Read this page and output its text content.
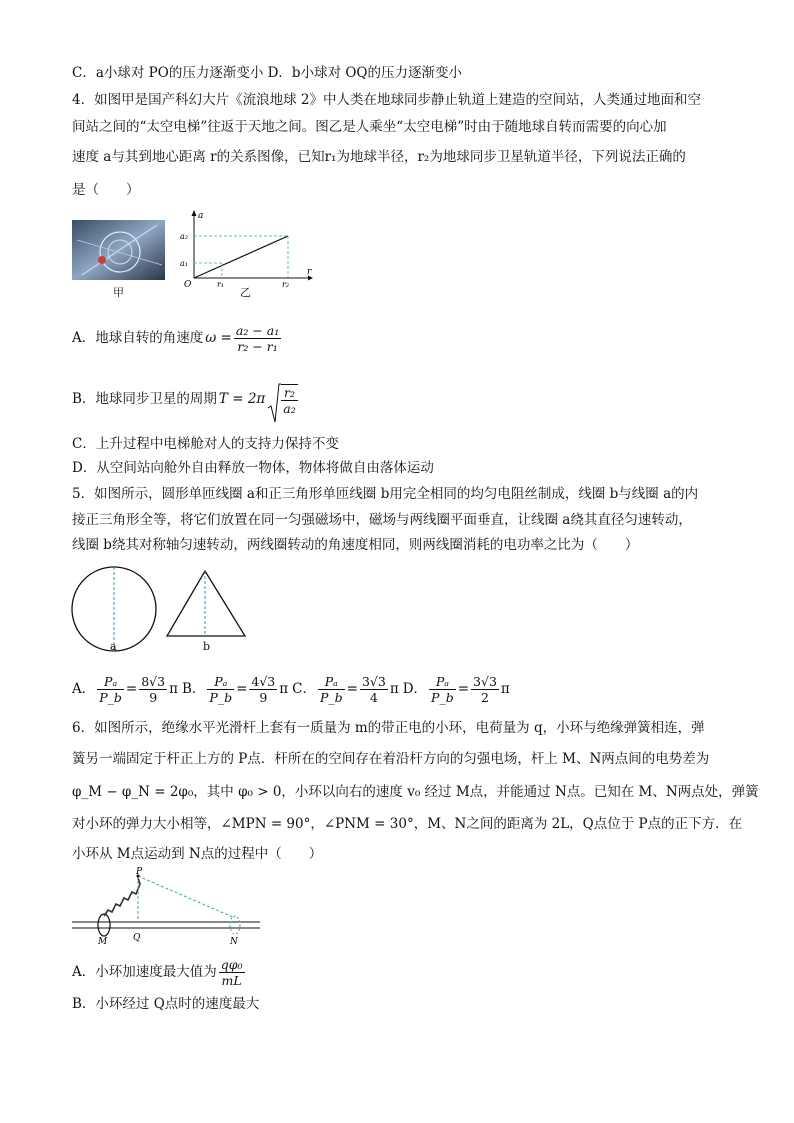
C．a小球对 PO的压力逐渐变小 D．b小球对 OQ的压力逐渐变小
4．如图甲是国产科幻大片《流浪地球 2》中人类在地球同步静止轨道上建造的空间站，人类通过地面和空
间站之间的“太空电梯”往返于天地之间。图乙是人乘坐“太空电梯”时由于随地球自转而需要的向心加
速度 a与其到地心距离 r的关系图像，已知r₁为地球半径，r₂为地球同步卫星轨道半径，下列说法正确的
是（　　）
甲
a
r
O
a₂
a₁
r₁	r₂
乙
A．地球自转的角速度 $\omega = \frac{\text{a₂ − a₁}}{\text{r₂ − r₁}}$
B．地球同步卫星的周期 $T = 2\pi \frac{\text{r₂}}{\text{a₂}}$
C．上升过程中电梯舱对人的支持力保持不变
D．从空间站向舱外自由释放一物体，物体将做自由落体运动
5．如图所示，圆形单匝线圈 a和正三角形单匝线圈 b用完全相同的均匀电阻丝制成，线圈 b与线圈 a的内
接正三角形全等，将它们放置在同一匀强磁场中，磁场与两线圈平面垂直，让线圈 a绕其直径匀速转动，
线圈 b绕其对称轴匀速转动，两线圈转动的角速度相同，则两线圈消耗的电功率之比为（　　）
a	b
A． $\frac{\text{Pₐ}}{P\_b} = \frac{8√3}{9}$ π B． $\frac{\text{Pₐ}}{P\_b} = \frac{4√3}{9}$ π C． $\frac{\text{Pₐ}}{P\_b} = \frac{3√3}{4}$ π D． $\frac{\text{Pₐ}}{P\_b} = \frac{3√3}{2}$ π
6．如图所示，绝缘水平光滑杆上套有一质量为 m的带正电的小环，电荷量为 q，小环与绝缘弹簧相连，弹
簧另一端固定于杆正上方的 P点．杆所在的空间存在着沿杆方向的匀强电场，杆上 M、N两点间的电势差为
φ_M − φ_N = 2φ₀，其中 φ₀ > 0，小环以向右的速度 v₀ 经过 M点，并能通过 N点。已知在 M、N两点处，弹簧
对小环的弹力大小相等，∠MPN = 90°，∠PNM = 30°，M、N之间的距离为 2L，Q点位于 P点的正下方．在
小环从 M点运动到 N点的过程中（　　）
P
M	Q	N
A．小环加速度最大值为 $\frac{\text{qφ₀}}{mL}$
B．小环经过 Q点时的速度最大
